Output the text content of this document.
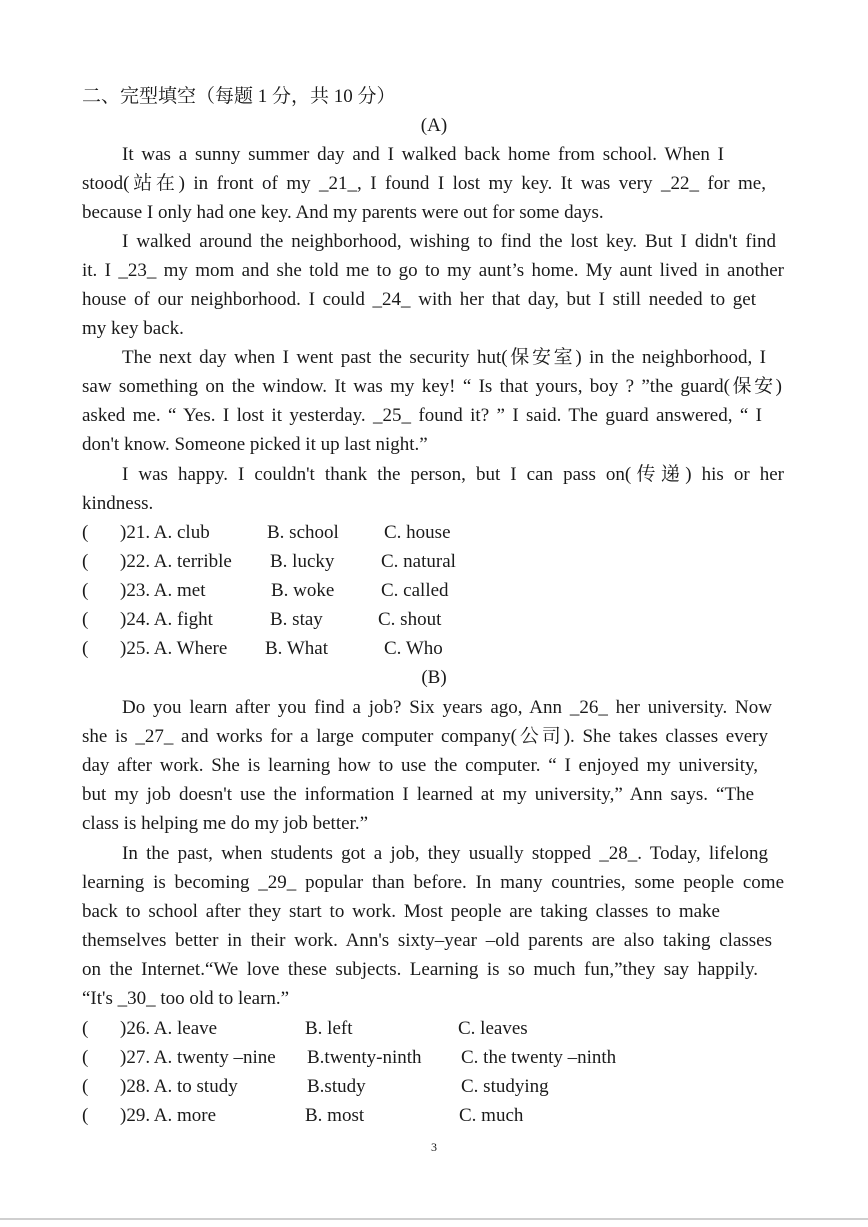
二、完型填空（每题 1 分，共 10 分）
(A)
It was a sunny summer day and I walked back home from school. When I
stood(站在) in front of my _21_, I found I lost my key. It was very _22_ for me,
because I only had one key. And my parents were out for some days.
I walked around the neighborhood, wishing to find the lost key. But I didn't find
it. I _23_ my mom and she told me to go to my aunt’s home. My aunt lived in another
house of our neighborhood. I could _24_ with her that day, but I still needed to get
my key back.
The next day when I went past the security hut(保安室) in the neighborhood, I
saw something on the window. It was my key! “ Is that yours, boy ? ”the guard(保安)
asked me. “ Yes. I lost it yesterday. _25_ found it? ” I said. The guard answered, “ I
don't know. Someone picked it up last night.”
I was happy. I couldn't thank the person, but I can pass on(传递) his or her
kindness.
( )21. A. club	B. school C. house
( )22. A. terrible B. lucky C. natural
( )23. A. met	B. woke C. called
( )24. A. fight	B. stay	C. shout
( )25. A. Where B. What	C. Who
(B)
Do you learn after you find a job? Six years ago, Ann _26_ her university. Now
she is _27_ and works for a large computer company(公司). She takes classes every
day after work. She is learning how to use the computer. “ I enjoyed my university,
but my job doesn't use the information I learned at my university,” Ann says. “The
class is helping me do my job better.”
In the past, when students got a job, they usually stopped _28_. Today, lifelong
learning is becoming _29_ popular than before. In many countries, some people come
back to school after they start to work. Most people are taking classes to make
themselves better in their work. Ann's sixty–year –old parents are also taking classes
on the Internet.“We love these subjects. Learning is so much fun,”they say happily.
“It's _30_ too old to learn.”
( )26. A. leave	B. left	C. leaves
( )27. A. twenty –nine B.twenty-ninth C. the twenty –ninth
( )28. A. to study	B.study	C. studying
( )29. A. more	B. most	C. much
3
